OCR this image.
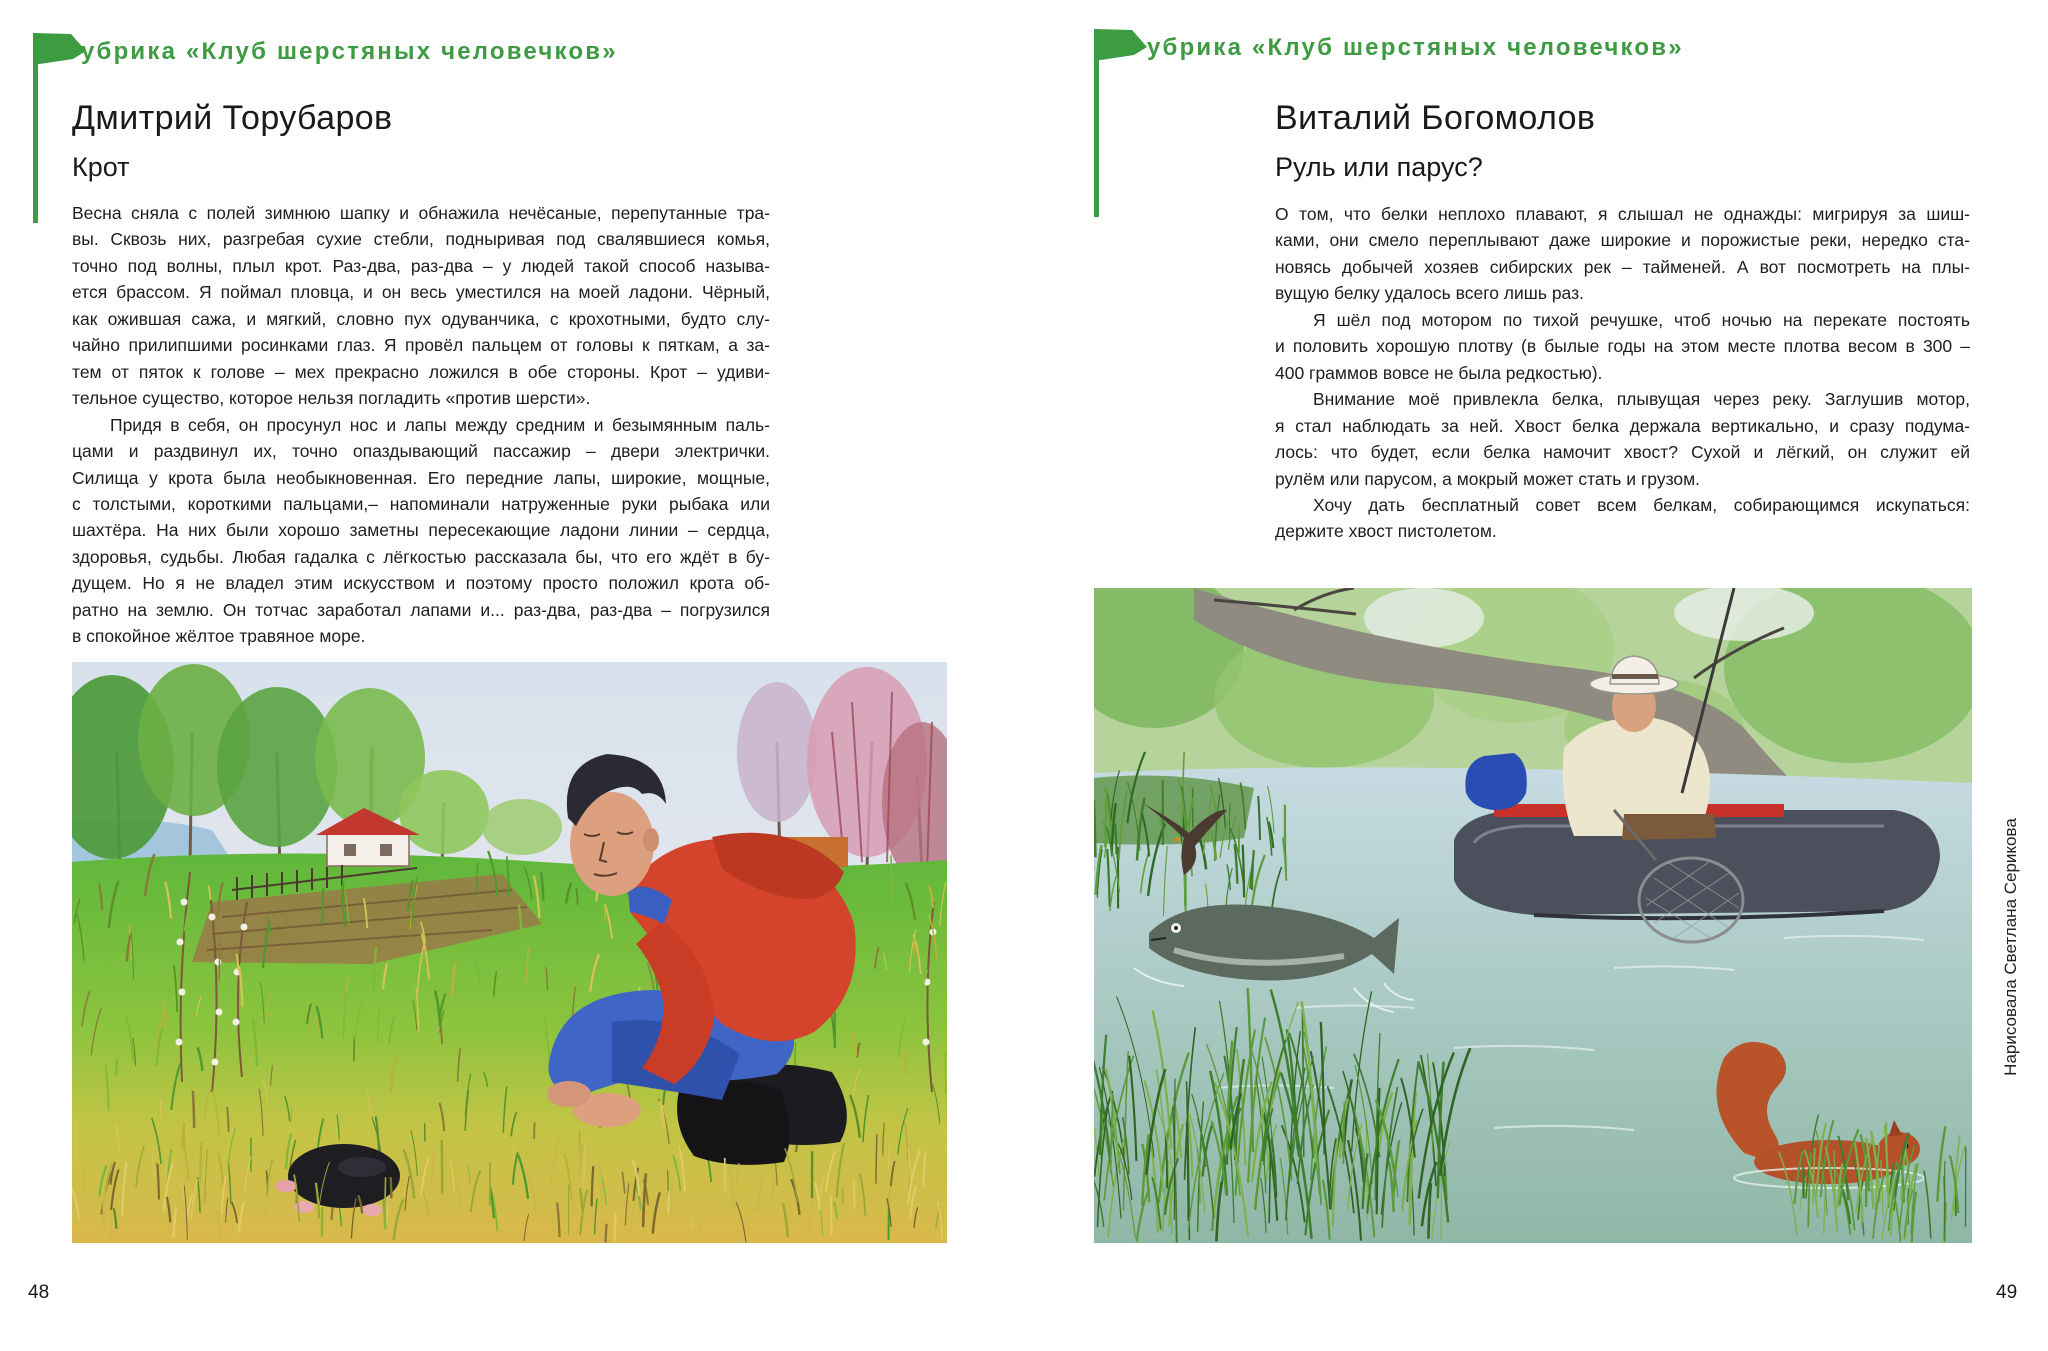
убрика «Клуб шерстяных человечков»
Дмитрий Торубаров
Крот
Весна сняла с полей зимнюю шапку и обнажила нечёсаные, перепутанные тра-
вы. Сквозь них, разгребая сухие стебли, подныривая под свалявшиеся комья,
точно под волны, плыл крот. Раз-два, раз-два – у людей такой способ называ-
ется брассом. Я поймал пловца, и он весь уместился на моей ладони. Чёрный,
как ожившая сажа, и мягкий, словно пух одуванчика, с крохотными, будто слу-
чайно прилипшими росинками глаз. Я провёл пальцем от головы к пяткам, а за-
тем от пяток к голове – мех прекрасно ложился в обе стороны. Крот – удиви-
тельное существо, которое нельзя погладить «против шерсти».
Придя в себя, он просунул нос и лапы между средним и безымянным паль-
цами и раздвинул их, точно опаздывающий пассажир – двери электрички.
Силища у крота была необыкновенная. Его передние лапы, широкие, мощные,
с толстыми, короткими пальцами,– напоминали натруженные руки рыбака или
шахтёра. На них были хорошо заметны пересекающие ладони линии – сердца,
здоровья, судьбы. Любая гадалка с лёгкостью рассказала бы, что его ждёт в бу-
дущем. Но я не владел этим искусством и поэтому просто положил крота об-
ратно на землю. Он тотчас заработал лапами и... раз-два, раз-два – погрузился
в спокойное жёлтое травяное море.
48
убрика «Клуб шерстяных человечков»
Виталий Богомолов
Руль или парус?
О том, что белки неплохо плавают, я слышал не однажды: мигрируя за шиш-
ками, они смело переплывают даже широкие и порожистые реки, нередко ста-
новясь добычей хозяев сибирских рек – тайменей. А вот посмотреть на плы-
вущую белку удалось всего лишь раз.
Я шёл под мотором по тихой речушке, чтоб ночью на перекате постоять
и половить хорошую плотву (в былые годы на этом месте плотва весом в 300 –
400 граммов вовсе не была редкостью).
Внимание моё привлекла белка, плывущая через реку. Заглушив мотор,
я стал наблюдать за ней. Хвост белка держала вертикально, и сразу подума-
лось: что будет, если белка намочит хвост? Сухой и лёгкий, он служит ей
рулём или парусом, а мокрый может стать и грузом.
Хочу дать бесплатный совет всем белкам, собирающимся искупаться:
держите хвост пистолетом.
Нарисовала Светлана Серикова
49
